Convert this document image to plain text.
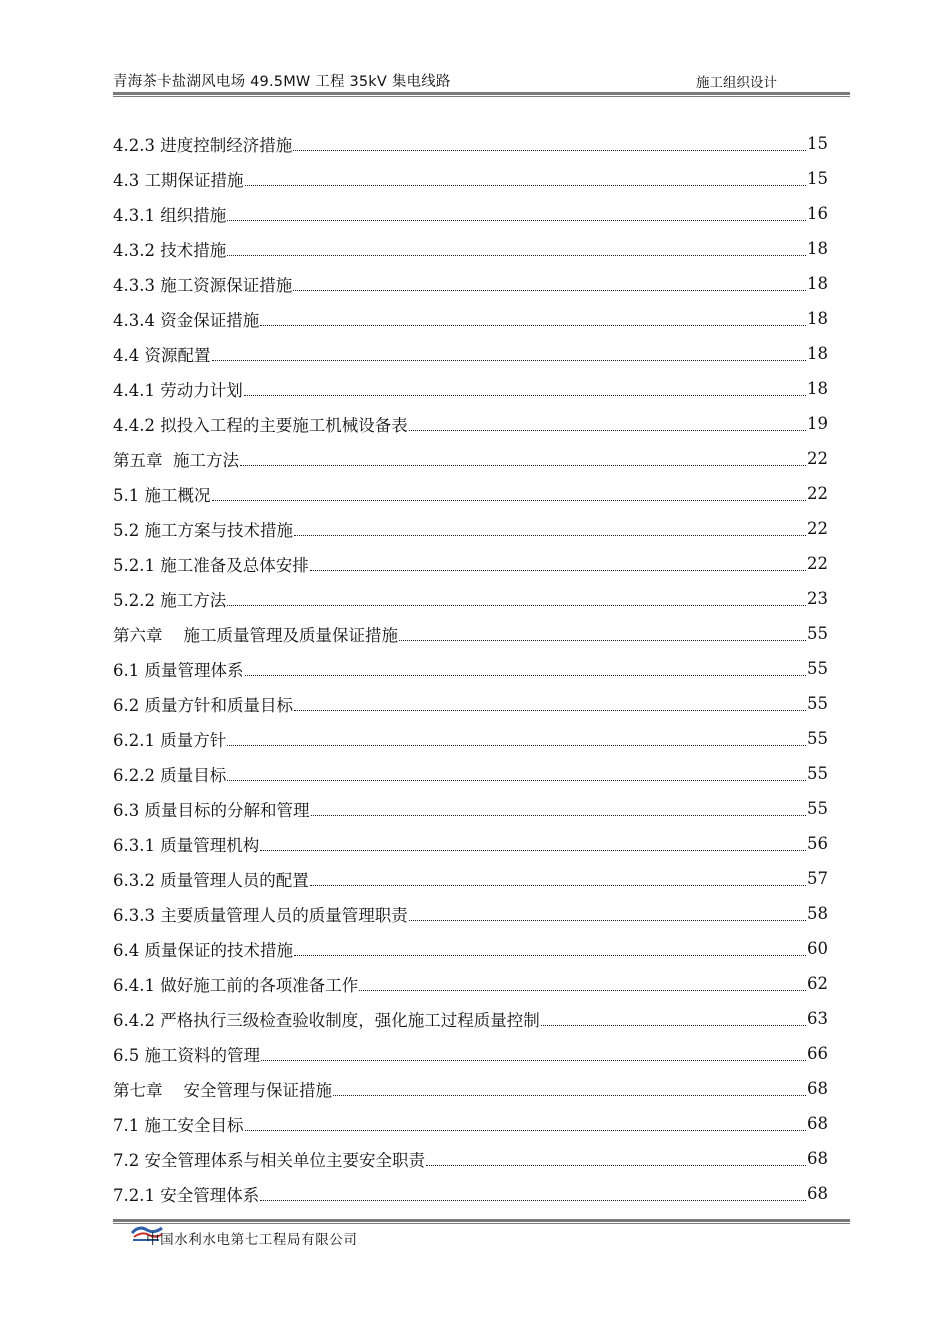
青海茶卡盐湖风电场 49.5MW 工程 35kV 集电线路	施工组织设计
4.2.3 进度控制经济措施	15
4.3 工期保证措施	15
4.3.1 组织措施	16
4.3.2 技术措施	18
4.3.3 施工资源保证措施	18
4.3.4 资金保证措施	18
4.4 资源配置	18
4.4.1 劳动力计划	18
4.4.2 拟投入工程的主要施工机械设备表	19
第五章  施工方法	22
5.1 施工概况	22
5.2 施工方案与技术措施	22
5.2.1 施工准备及总体安排	22
5.2.2 施工方法	23
第六章    施工质量管理及质量保证措施	55
6.1 质量管理体系	55
6.2 质量方针和质量目标	55
6.2.1 质量方针	55
6.2.2 质量目标	55
6.3 质量目标的分解和管理	55
6.3.1 质量管理机构	56
6.3.2 质量管理人员的配置	57
6.3.3 主要质量管理人员的质量管理职责	58
6.4 质量保证的技术措施	60
6.4.1 做好施工前的各项准备工作	62
6.4.2 严格执行三级检查验收制度，强化施工过程质量控制	63
6.5 施工资料的管理	66
第七章    安全管理与保证措施	68
7.1 施工安全目标	68
7.2 安全管理体系与相关单位主要安全职责	68
7.2.1 安全管理体系	68
中国水利水电第七工程局有限公司
